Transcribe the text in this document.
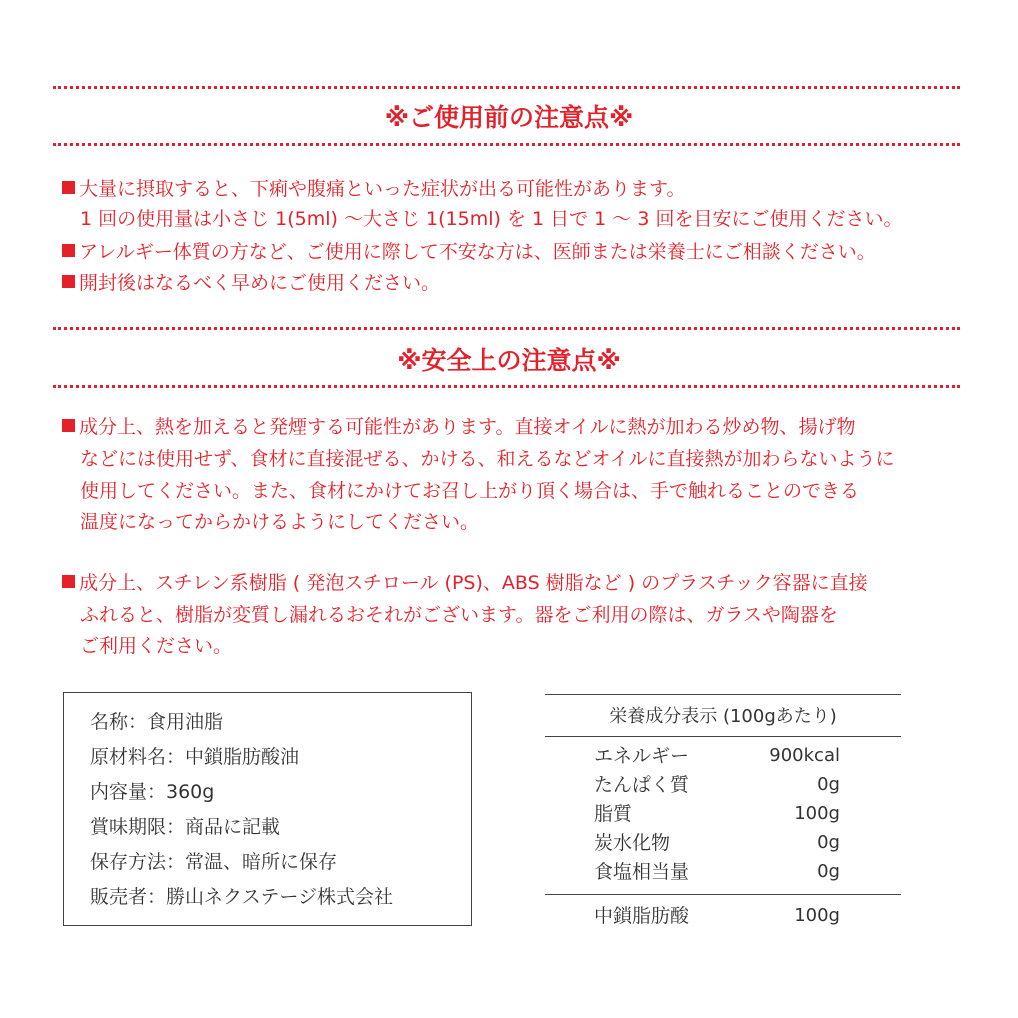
※ご使用前の注意点※
大量に摂取すると、下痢や腹痛といった症状が出る可能性があります。
1 回の使用量は小さじ 1(5ml) 〜大さじ 1(15ml) を 1 日で 1 〜 3 回を目安にご使用ください。
アレルギー体質の方など、ご使用に際して不安な方は、医師または栄養士にご相談ください。
開封後はなるべく早めにご使用ください。
※安全上の注意点※
成分上、熱を加えると発煙する可能性があります。直接オイルに熱が加わる炒め物、揚げ物
などには使用せず、食材に直接混ぜる、かける、和えるなどオイルに直接熱が加わらないように
使用してください。また、食材にかけてお召し上がり頂く場合は、手で触れることのできる
温度になってからかけるようにしてください。
成分上、スチレン系樹脂 ( 発泡スチロール (PS)、ABS 樹脂など ) のプラスチック容器に直接
ふれると、樹脂が変質し漏れるおそれがございます。器をご利用の際は、ガラスや陶器を
ご利用ください。
名称：食用油脂
原材料名：中鎖脂肪酸油
内容量：360g
賞味期限：商品に記載
保存方法：常温、暗所に保存
販売者：勝山ネクステージ株式会社
栄養成分表示 (100gあたり)
エネルギー	900kcal
たんぱく質	0g
脂質	100g
炭水化物	0g
食塩相当量	0g
中鎖脂肪酸	100g
